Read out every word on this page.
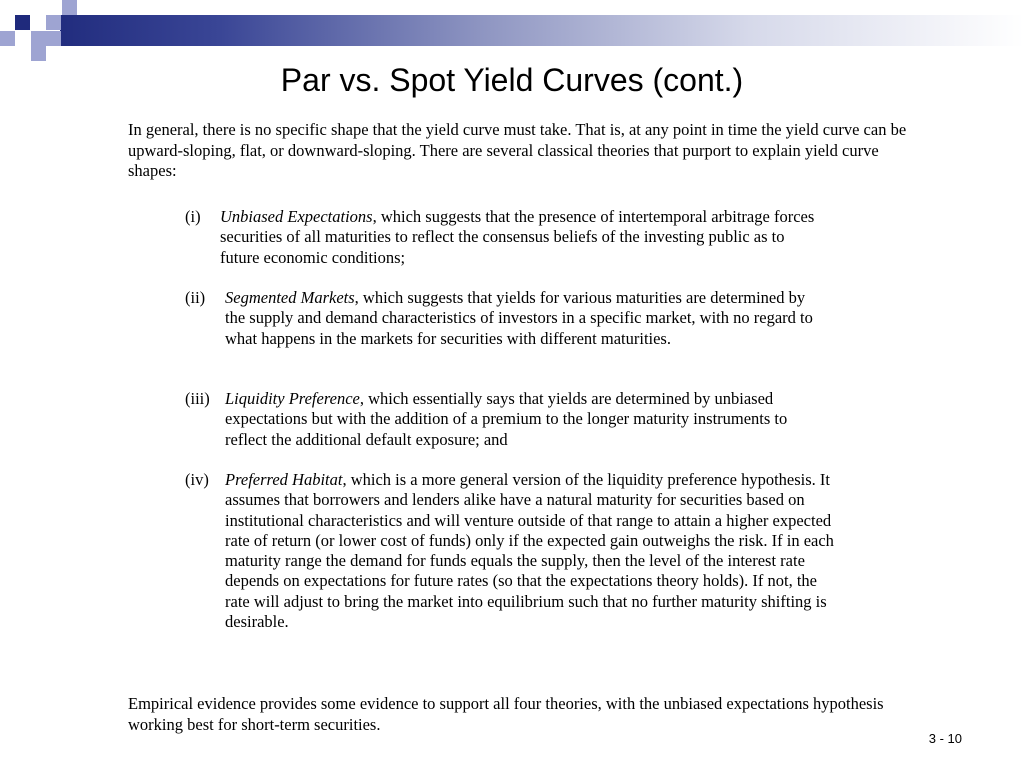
Par vs. Spot Yield Curves (cont.)

In general, there is no specific shape that the yield curve must take. That is, at any point in time the yield curve can be upward-sloping, flat, or downward-sloping. There are several classical theories that purport to explain yield curve shapes:

(i) Unbiased Expectations, which suggests that the presence of intertemporal arbitrage forces securities of all maturities to reflect the consensus beliefs of the investing public as to future economic conditions;
(ii) Segmented Markets, which suggests that yields for various maturities are determined by the supply and demand characteristics of investors in a specific market, with no regard to what happens in the markets for securities with different maturities.
(iii) Liquidity Preference, which essentially says that yields are determined by unbiased expectations but with the addition of a premium to the longer maturity instruments to reflect the additional default exposure; and
(iv) Preferred Habitat, which is a more general version of the liquidity preference hypothesis. It assumes that borrowers and lenders alike have a natural maturity for securities based on institutional characteristics and will venture outside of that range to attain a higher expected rate of return (or lower cost of funds) only if the expected gain outweighs the risk. If in each maturity range the demand for funds equals the supply, then the level of the interest rate depends on expectations for future rates (so that the expectations theory holds). If not, the rate will adjust to bring the market into equilibrium such that no further maturity shifting is desirable.

Empirical evidence provides some evidence to support all four theories, with the unbiased expectations hypothesis working best for short-term securities.

3 - 10
